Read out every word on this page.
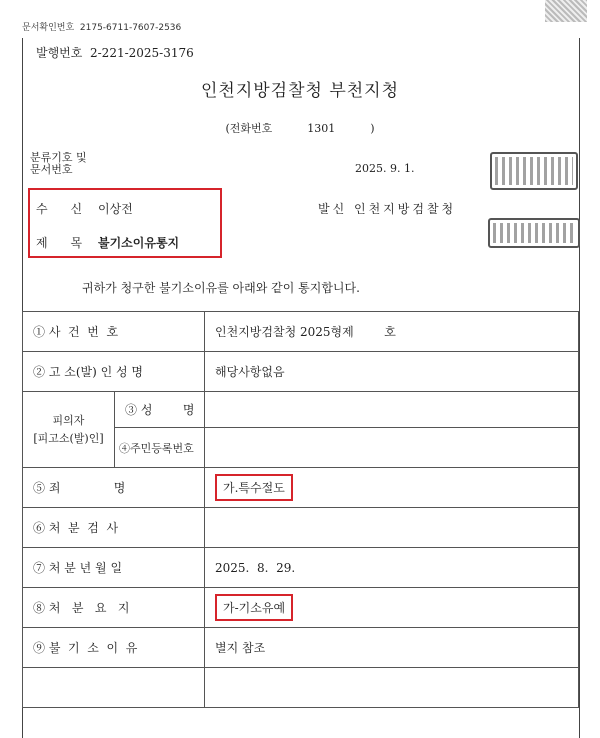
문서확인번호  2175-6711-7607-2536
발행번호  2-221-2025-3176
인천지방검찰청 부천지청
(전화번호          1301          )
분류기호 및
문서번호	2025. 9. 1.
수      신 이상전
제      목 불기소이유통지
발신 인천지방검찰청
귀하가 청구한 불기소이유를 아래와 같이 통지합니다.
① 사  건  번  호		인천지방검찰청 2025형제        호
② 고 소(발) 인 성 명		해당사항없음
피의자
[피고소(발)인]	③ 성        명	
	④주민등록번호	
⑤ 죄              명		가.특수절도
⑥ 처  분  검  사		
⑦ 처 분 년 월 일		2025.  8.  29.
⑧ 처   분   요   지		가-기소유예
⑨ 불  기  소  이  유		별지 참조
